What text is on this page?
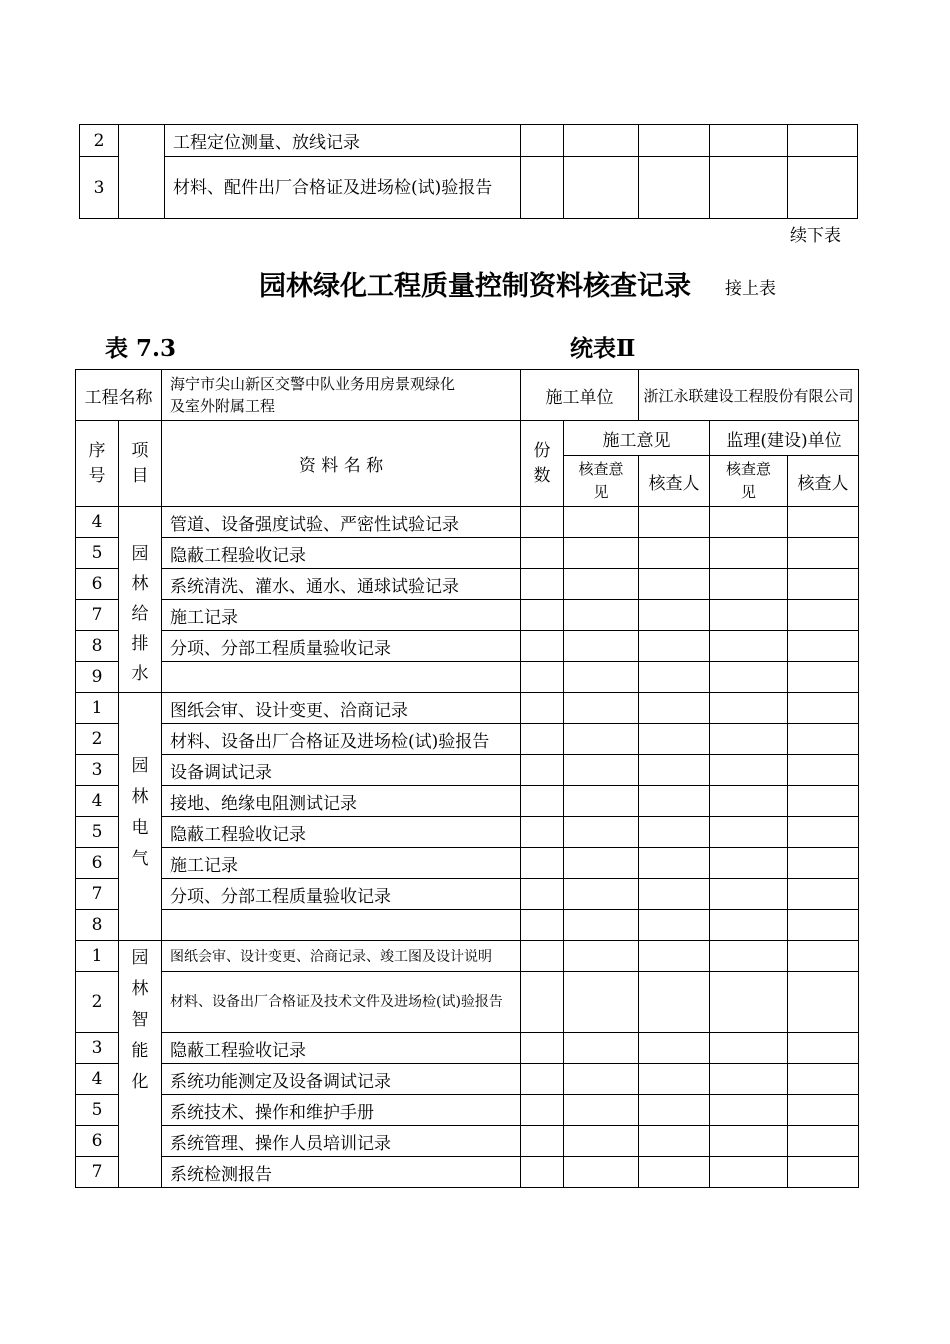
2		工程定位测量、放线记录					
3		材料、配件出厂合格证及进场检(试)验报告					
续下表
园林绿化工程质量控制资料核查记录	接上表
表 7.3	统表Ⅱ
工程名称		海宁市尖山新区交警中队业务用房景观绿化及室外附属工程	施工单位		浙江永联建设工程股份有限公司		

序号	项目	资 料 名 称	份数	施工意见		监理(建设)单位	

				核查意见	核查人	核查意见	核查人
4	园林给排水	管道、设备强度试验、严密性试验记录					
5		隐蔽工程验收记录					
6		系统清洗、灌水、通水、通球试验记录					
7		施工记录					
8		分项、分部工程质量验收记录					
9							
1	园林电气	图纸会审、设计变更、洽商记录					
2		材料、设备出厂合格证及进场检(试)验报告					
3		设备调试记录					
4		接地、绝缘电阻测试记录					
5		隐蔽工程验收记录					
6		施工记录					
7		分项、分部工程质量验收记录					
8							
1	园林智能化	图纸会审、设计变更、洽商记录、竣工图及设计说明					
2		材料、设备出厂合格证及技术文件及进场检(试)验报告					
3		隐蔽工程验收记录					
4		系统功能测定及设备调试记录					
5		系统技术、操作和维护手册					
6		系统管理、操作人员培训记录					
7		系统检测报告					
